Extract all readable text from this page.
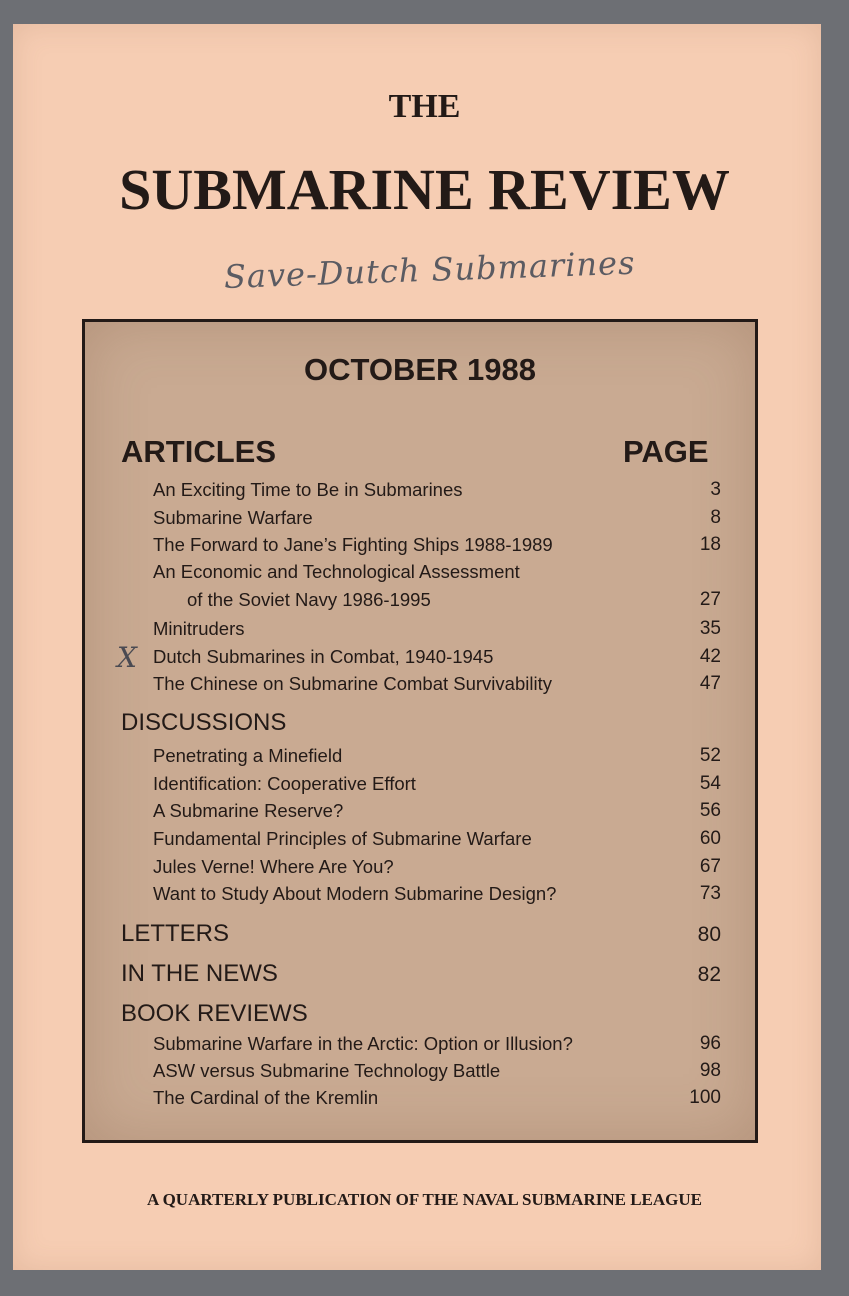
THE
SUBMARINE REVIEW
Save-Dutch Submarines
OCTOBER 1988
ARTICLES	PAGE
An Exciting Time to Be in Submarines	3
Submarine Warfare	8
The Forward to Jane’s Fighting Ships 1988-1989	18
An Economic and Technological Assessment
of the Soviet Navy 1986-1995	27
Minitruders	35
Dutch Submarines in Combat, 1940-1945	42
The Chinese on Submarine Combat Survivability	47
DISCUSSIONS
Penetrating a Minefield	52
Identification: Cooperative Effort	54
A Submarine Reserve?	56
Fundamental Principles of Submarine Warfare	60
Jules Verne! Where Are You?	67
Want to Study About Modern Submarine Design?	73
LETTERS	80
IN THE NEWS	82
BOOK REVIEWS
Submarine Warfare in the Arctic: Option or Illusion?	96
ASW versus Submarine Technology Battle	98
The Cardinal of the Kremlin	100
X
A QUARTERLY PUBLICATION OF THE NAVAL SUBMARINE LEAGUE
